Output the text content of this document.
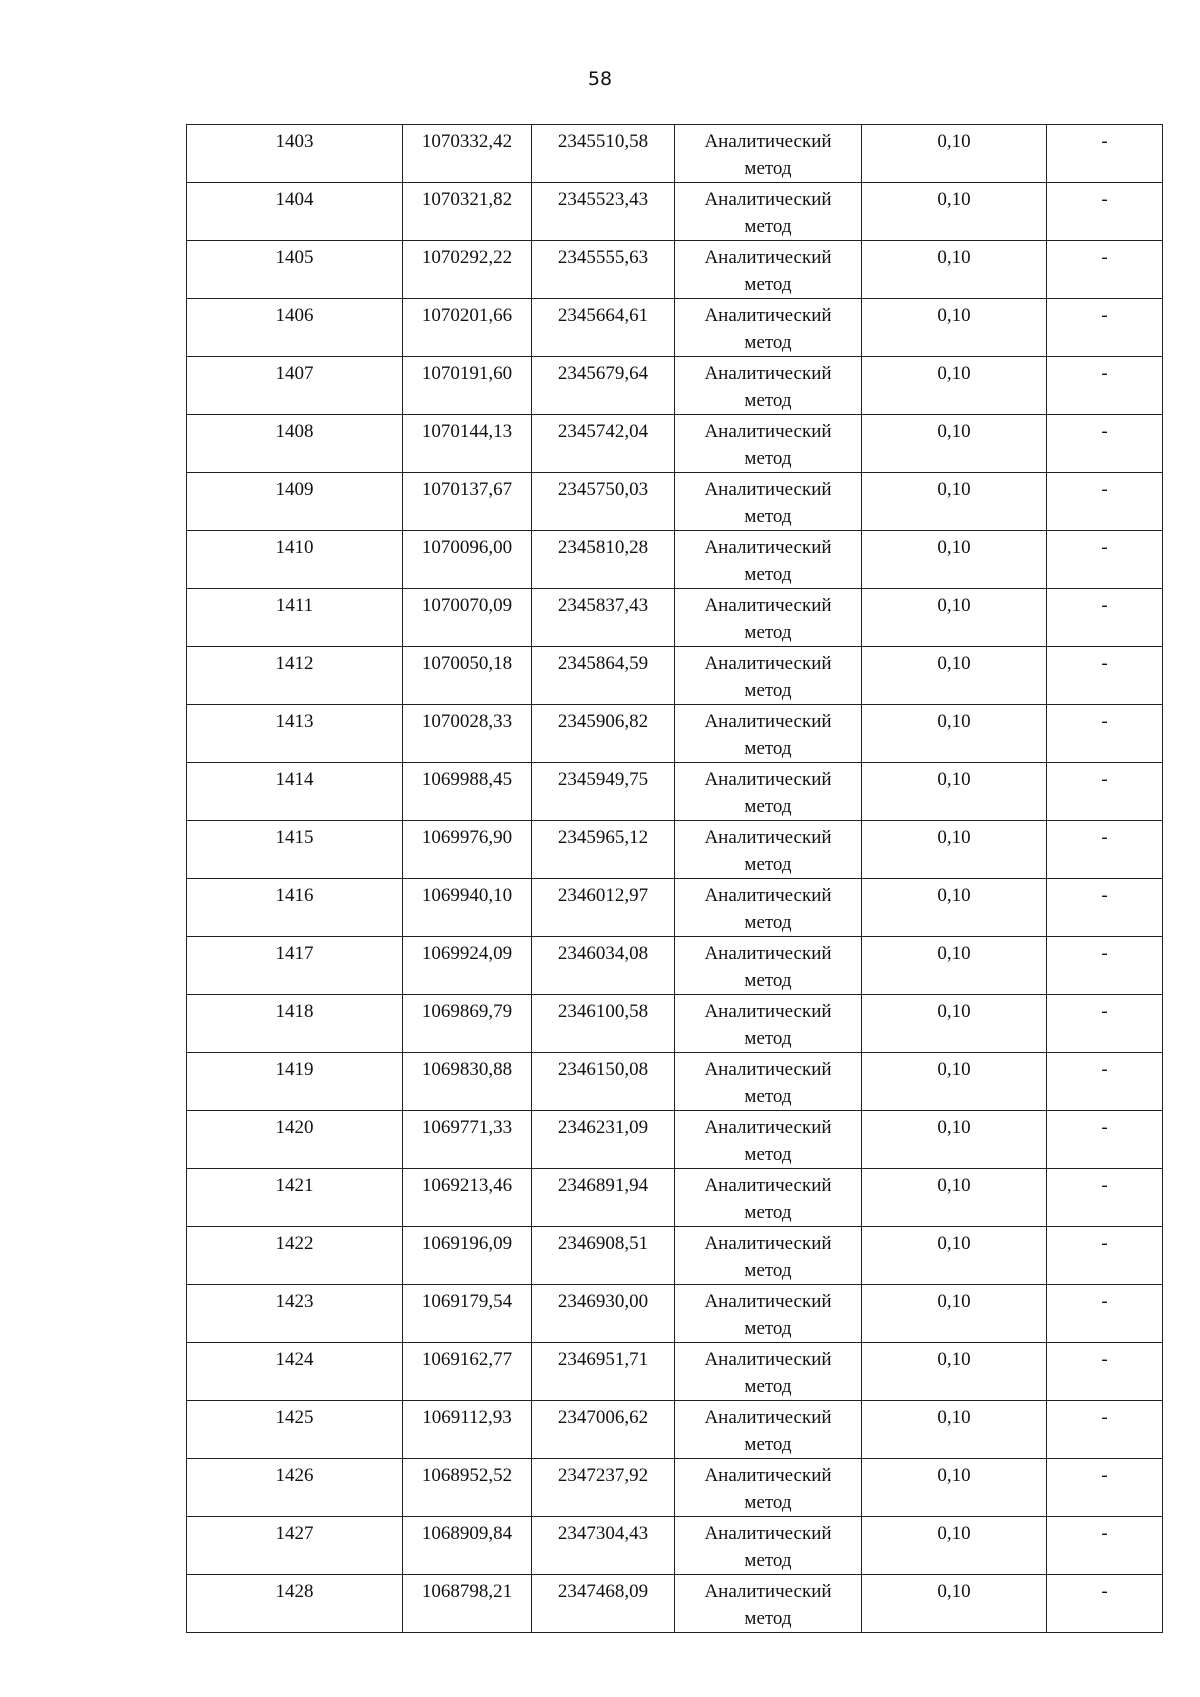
58
1403	1070332,42	2345510,58	Аналитический
метод	0,10	-
1404	1070321,82	2345523,43	Аналитический
метод	0,10	-
1405	1070292,22	2345555,63	Аналитический
метод	0,10	-
1406	1070201,66	2345664,61	Аналитический
метод	0,10	-
1407	1070191,60	2345679,64	Аналитический
метод	0,10	-
1408	1070144,13	2345742,04	Аналитический
метод	0,10	-
1409	1070137,67	2345750,03	Аналитический
метод	0,10	-
1410	1070096,00	2345810,28	Аналитический
метод	0,10	-
1411	1070070,09	2345837,43	Аналитический
метод	0,10	-
1412	1070050,18	2345864,59	Аналитический
метод	0,10	-
1413	1070028,33	2345906,82	Аналитический
метод	0,10	-
1414	1069988,45	2345949,75	Аналитический
метод	0,10	-
1415	1069976,90	2345965,12	Аналитический
метод	0,10	-
1416	1069940,10	2346012,97	Аналитический
метод	0,10	-
1417	1069924,09	2346034,08	Аналитический
метод	0,10	-
1418	1069869,79	2346100,58	Аналитический
метод	0,10	-
1419	1069830,88	2346150,08	Аналитический
метод	0,10	-
1420	1069771,33	2346231,09	Аналитический
метод	0,10	-
1421	1069213,46	2346891,94	Аналитический
метод	0,10	-
1422	1069196,09	2346908,51	Аналитический
метод	0,10	-
1423	1069179,54	2346930,00	Аналитический
метод	0,10	-
1424	1069162,77	2346951,71	Аналитический
метод	0,10	-
1425	1069112,93	2347006,62	Аналитический
метод	0,10	-
1426	1068952,52	2347237,92	Аналитический
метод	0,10	-
1427	1068909,84	2347304,43	Аналитический
метод	0,10	-
1428	1068798,21	2347468,09	Аналитический
метод	0,10	-
